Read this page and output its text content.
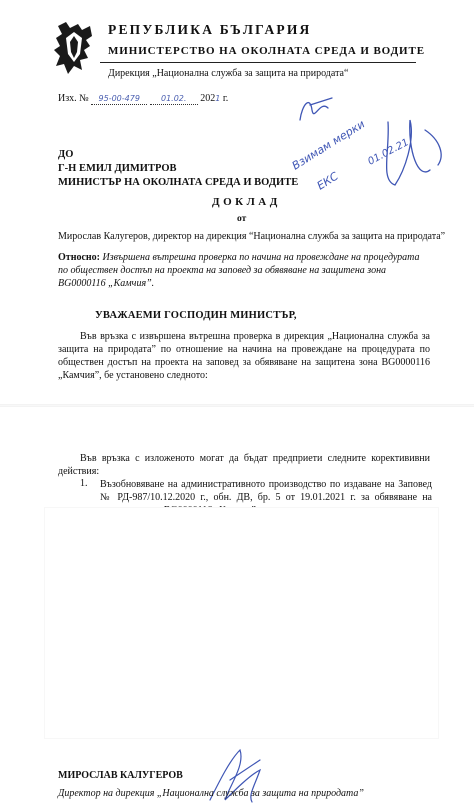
РЕПУБЛИКА БЪЛГАРИЯ
МИНИСТЕРСТВО НА ОКОЛНАТА СРЕДА И ВОДИТЕ
Дирекция „Национална служба за защита на природата“
Изх. № 95-00-479	01.02. 2021 г.
ДО
Г-Н ЕМИЛ ДИМИТРОВ
МИНИСТЪР НА ОКОЛНАТА СРЕДА И ВОДИТЕ
Взимам мерки
ЕКС
01.02.21
ДОКЛАД
от
Мирослав Калугеров, директор на дирекция “Национална служба за защита на природата”
Относно: Извършена вътрешна проверка по начина на провеждане на процедурата по обществен достъп на проекта на заповед за обявяване на защитена зона BG0000116 „Камчия”.
УВАЖАЕМИ ГОСПОДИН МИНИСТЪР,
Във връзка с извършена вътрешна проверка в дирекция „Национална служба за защита на природата” по отношение на начина на провеждане на процедурата по обществен достъп на проекта на заповед за обявяване на защитена зона BG0000116 „Камчия”, бе установено следното:
Във връзка с изложеното могат да бъдат предприети следните коректививни действия:
1. Възобновяване на административното производство по издаване на Заповед № РД-987/10.12.2020 г., обн. ДВ, бр. 5 от 19.01.2021 г. за обявяване на
МИРОСЛАВ КАЛУГЕРОВ
Директор на дирекция „Национална служба за защита на природата”
